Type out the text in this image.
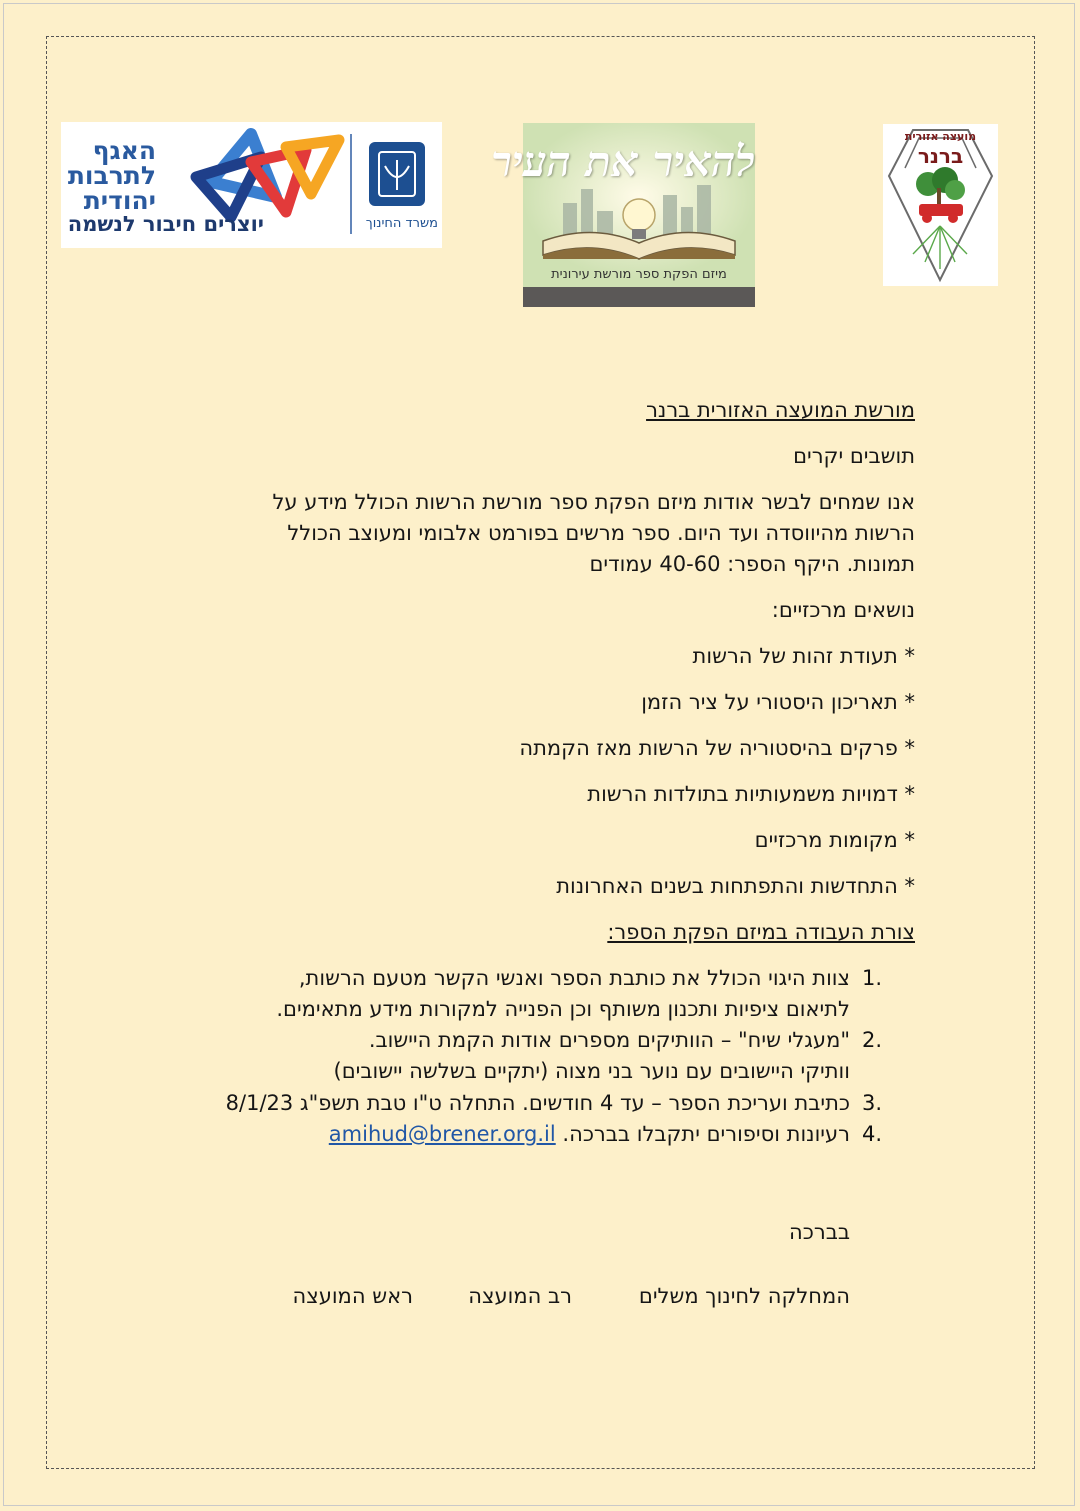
האגף
לתרבות
יהודית
יוצרים חיבור לנשמה	משרד החינוך
להאיר את העיר
מיזם הפקת ספר מורשת עירונית
מועצה אזורית
ברנר
מורשת המועצה האזורית ברנר
תושבים יקרים
אנו שמחים לבשר אודות מיזם הפקת ספר מורשת הרשות הכולל מידע על
הרשות מהיווסדה ועד היום. ספר מרשים בפורמט אלבומי ומעוצב הכולל
תמונות. היקף הספר: 40-60 עמודים
נושאים מרכזיים:
* תעודת זהות של הרשות
* תאריכון היסטורי על ציר הזמן
* פרקים בהיסטוריה של הרשות מאז הקמתה
* דמויות משמעותיות בתולדות הרשות
* מקומות מרכזיים
* התחדשות והתפתחות בשנים האחרונות
צורת העבודה במיזם הפקת הספר:
1.
צוות היגוי הכולל את כותבת הספר ואנשי הקשר מטעם הרשות,
לתיאום ציפיות ותכנון משותף וכן הפנייה למקורות מידע מתאימים.
2.
"מעגלי שיח" – הוותיקים מספרים אודות הקמת היישוב.
וותיקי היישובים עם נוער בני מצוה (יתקיים בשלשה יישובים)
3.
כתיבת ועריכת הספר – עד 4 חודשים. התחלה ט"ו טבת תשפ"ג 8/1/23
4.
רעיונות וסיפורים יתקבלו בברכה. amihud@brener.org.il
בברכה
המחלקה לחינוך משלים
רב המועצה
ראש המועצה
